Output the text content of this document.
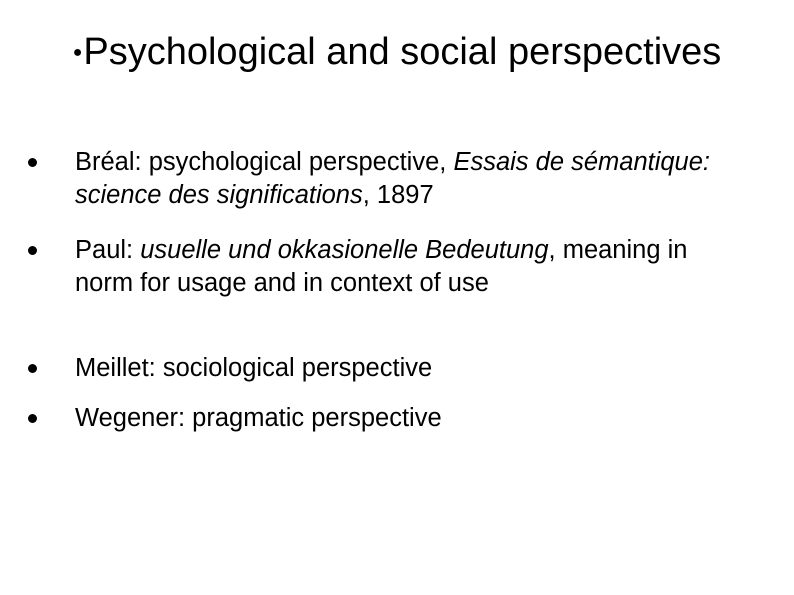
●Psychological and social perspectives
Bréal: psychological perspective, Essais de sémantique: science des significations, 1897
Paul: usuelle und okkasionelle Bedeutung, meaning in norm for usage and in context of use
Meillet: sociological perspective
Wegener: pragmatic perspective
